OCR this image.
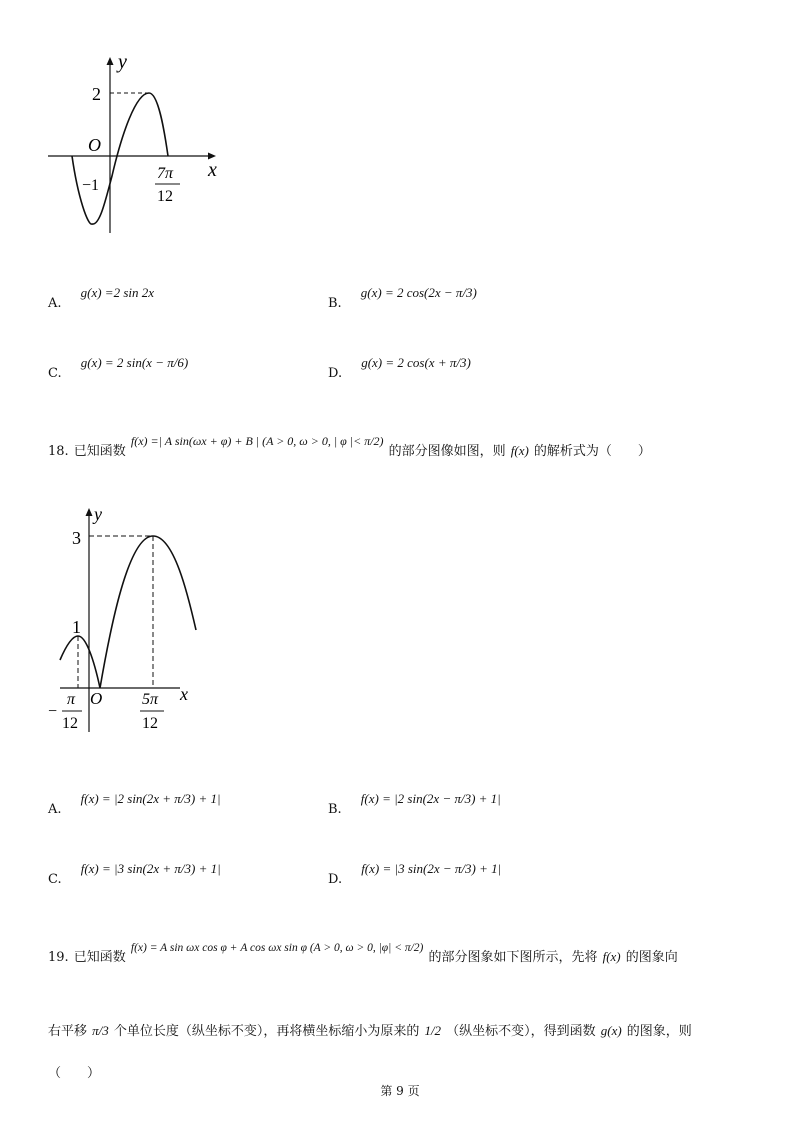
y
x
O
2
−1
7π
12
A. $^{g(x) =2 sin 2x}$
B. $^{g(x) = 2 cos(2x - \pi/3)}$
C. $^{g(x) = 2 sin(x - \pi/6)}$
D. $^{g(x) = 2 cos(x + \pi/3)}$
18. 已知函数 $^{f(x) =| A sin(\omega x + \varphi) + B | (A > 0, \omega > 0, | \varphi |< \pi/2)}$ 的部分图像如图，则 f(x) 的解析式为（　　）
y
x
O
3
1
−
π
12
5π
12
A. $^{f(x) = |2 sin(2x + \pi/3) + 1|}$
B. $^{f(x) = |2 sin(2x - \pi/3) + 1|}$
C. $^{f(x) = |3 sin(2x + \pi/3) + 1|}$
D. $^{f(x) = |3 sin(2x - \pi/3) + 1|}$
19. 已知函数 $^{f(x) = A sin \omega x cos \varphi + A cos \omega x sin \varphi (A > 0, \omega > 0, |\varphi| < \pi/2)}$ 的部分图象如下图所示，先将 f(x) 的图象向
右平移 π/3 个单位长度（纵坐标不变），再将横坐标缩小为原来的 1/2 （纵坐标不变），得到函数 g(x) 的图象，则
（　　）
第 9 页
